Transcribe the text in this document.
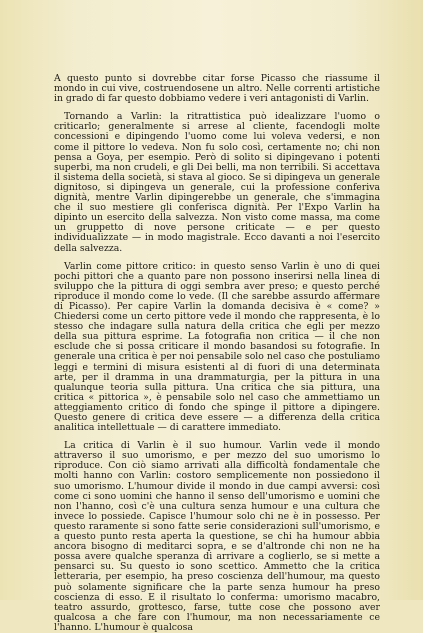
A questo punto si dovrebbe citar forse Picasso che riassume il mondo in cui vive, costruendosene un altro. Nelle correnti artistiche in grado di far questo dobbiamo vedere i veri antagonisti di Varlin.

Tornando a Varlin: la ritrattistica può idealizzare l'uomo o criticarlo; generalmente si arrese al cliente, facendogli molte concessioni e dipingendo l'uomo come lui voleva vedersi, e non come il pittore lo vedeva. Non fu solo così, certamente no; chi non pensa a Goya, per esempio. Però di solito si dipingevano i potenti superbi, ma non crudeli, e gli Dei belli, ma non terribili. Si accettava il sistema della società, si stava al gioco. Se si dipingeva un generale dignitoso, si dipingeva un generale, cui la professione conferiva dignità, mentre Varlin dipingerebbe un generale, che s'immagina che il suo mestiere gli conferisca dignità. Per l'Expo Varlin ha dipinto un esercito della salvezza. Non visto come massa, ma come un gruppetto di nove persone criticate — e per questo individualizzate — in modo magistrale. Ecco davanti a noi l'esercito della salvezza.

Varlin come pittore critico: in questo senso Varlin è uno di quei pochi pittori che a quanto pare non possono inserirsi nella linea di sviluppo che la pittura di oggi sembra aver preso; e questo perché riproduce il mondo come lo vede. (Il che sarebbe assurdo affermare di Picasso). Per capire Varlin la domanda decisiva è « come? » Chiedersi come un certo pittore vede il mondo che rappresenta, è lo stesso che indagare sulla natura della critica che egli per mezzo della sua pittura esprime. La fotografia non critica — il che non esclude che si possa criticare il mondo basandosi su fotografie. In generale una critica è per noi pensabile solo nel caso che postuliamo leggi e termini di misura esistenti al di fuori di una determinata arte, per il dramma in una drammaturgia, per la pittura in una qualunque teoria sulla pittura. Una critica che sia pittura, una critica « pittorica », è pensabile solo nel caso che ammettiamo un atteggiamento critico di fondo che spinge il pittore a dipingere. Questo genere di critica deve essere — a differenza della critica analitica intellettuale — di carattere immediato.

La critica di Varlin è il suo humour. Varlin vede il mondo attraverso il suo umorismo, e per mezzo del suo umorismo lo riproduce. Con ciò siamo arrivati alla difficoltà fondamentale che molti hanno con Varlin: costoro semplicemente non possiedono il suo umorismo. L'humour divide il mondo in due campi avversi: così come ci sono uomini che hanno il senso dell'umorismo e uomini che non l'hanno, così c'è una cultura senza humour e una cultura che invece lo possiede. Capisce l'humour solo chi ne è in possesso. Per questo raramente si sono fatte serie considerazioni sull'umorismo, e a questo punto resta aperta la questione, se chi ha humour abbia ancora bisogno di meditarci sopra, e se d'altronde chi non ne ha possa avere qualche speranza di arrivare a coglierlo, se si mette a pensarci su. Su questo io sono scettico. Ammetto che la critica letteraria, per esempio, ha preso coscienza dell'humour, ma questo può solamente significare che la parte senza humour ha preso coscienza di esso. E il risultato lo conferma: umorismo macabro, teatro assurdo, grottesco, farse, tutte cose che possono aver qualcosa a che fare con l'humour, ma non necessariamente ce l'hanno. L'humour è qualcosa
